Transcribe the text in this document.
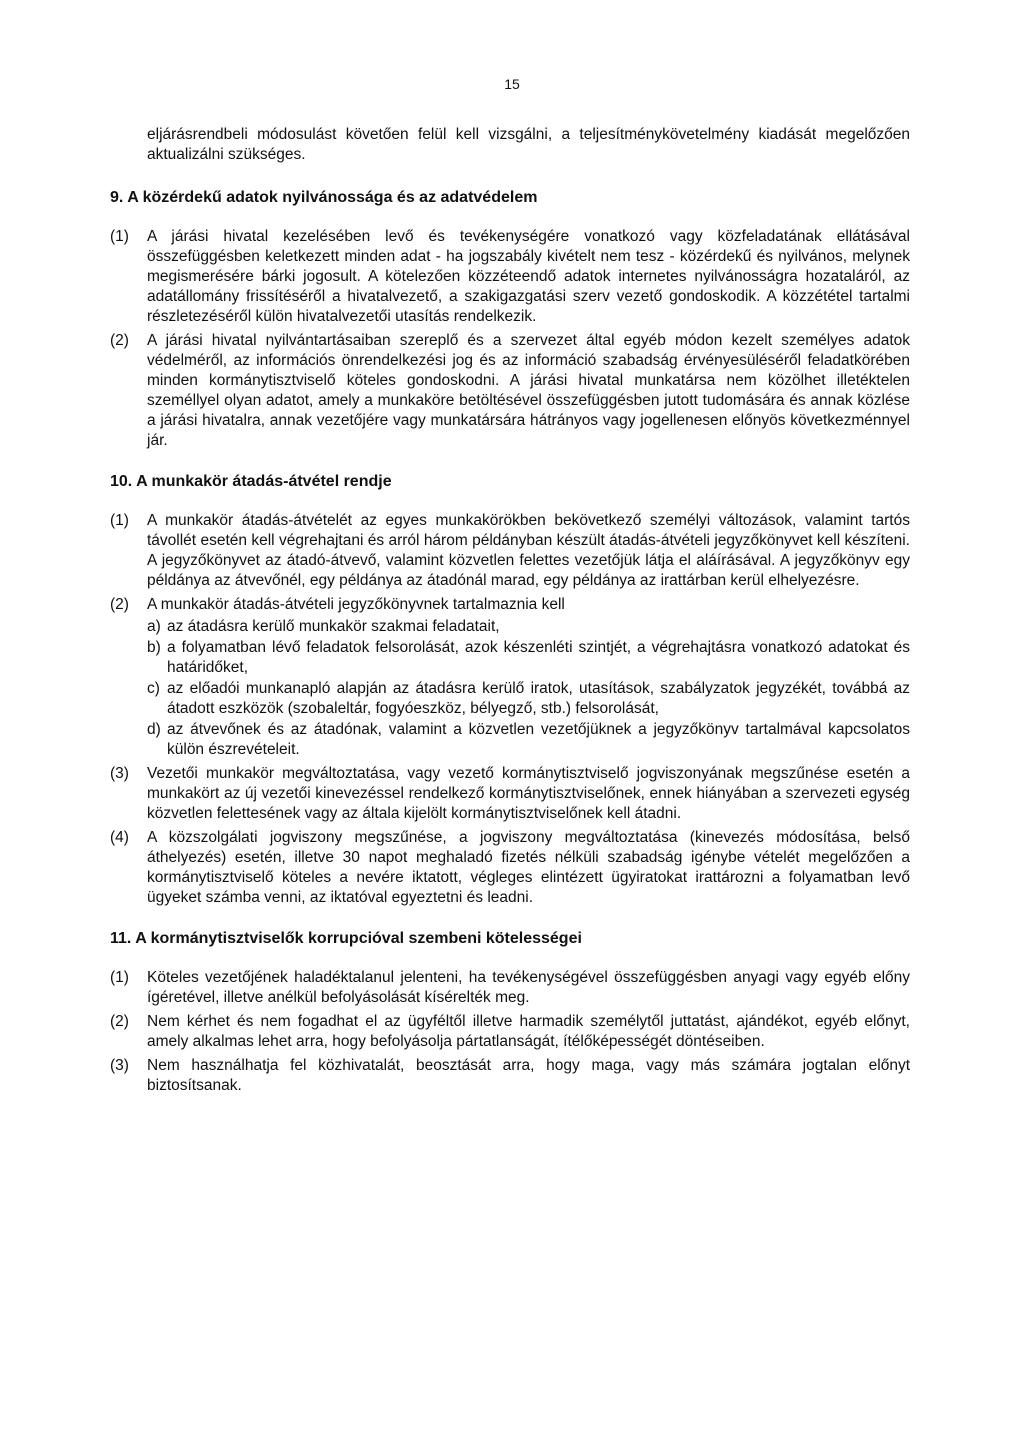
15

eljárásrendbeli módosulást követően felül kell vizsgálni, a teljesítménykövetelmény kiadását megelőzően aktualizálni szükséges.

9. A közérdekű adatok nyilvánossága és az adatvédelem
(1) A járási hivatal kezelésében levő és tevékenységére vonatkozó vagy közfeladatának ellátásával összefüggésben keletkezett minden adat - ha jogszabály kivételt nem tesz - közérdekű és nyilvános, melynek megismerésére bárki jogosult. A kötelezően közzéteendő adatok internetes nyilvánosságra hozataláról, az adatállomány frissítéséről a hivatalvezető, a szakigazgatási szerv vezető gondoskodik. A közzététel tartalmi részletezéséről külön hivatalvezetői utasítás rendelkezik.

(2) A járási hivatal nyilvántartásaiban szereplő és a szervezet által egyéb módon kezelt személyes adatok védelméről, az információs önrendelkezési jog és az információ szabadság érvényesüléséről feladatkörében minden kormánytisztviselő köteles gondoskodni. A járási hivatal munkatársa nem közölhet illetéktelen személlyel olyan adatot, amely a munkaköre betöltésével összefüggésben jutott tudomására és annak közlése a járási hivatalra, annak vezetőjére vagy munkatársára hátrányos vagy jogellenesen előnyös következménnyel jár.

10. A munkakör átadás-átvétel rendje
(1) A munkakör átadás-átvételét az egyes munkakörökben bekövetkező személyi változások, valamint tartós távollét esetén kell végrehajtani és arról három példányban készült átadás-átvételi jegyzőkönyvet kell készíteni. A jegyzőkönyvet az átadó-átvevő, valamint közvetlen felettes vezetőjük látja el aláírásával. A jegyzőkönyv egy példánya az átvevőnél, egy példánya az átadónál marad, egy példánya az irattárban kerül elhelyezésre.

(2) A munkakör átadás-átvételi jegyzőkönyvnek tartalmaznia kell

a) az átadásra kerülő munkakör szakmai feladatait,

b) a folyamatban lévő feladatok felsorolását, azok készenléti szintjét, a végrehajtásra vonatkozó adatokat és határidőket,

c) az előadói munkanapló alapján az átadásra kerülő iratok, utasítások, szabályzatok jegyzékét, továbbá az átadott eszközök (szobaleltár, fogyóeszköz, bélyegző, stb.) felsorolását,

d) az átvevőnek és az átadónak, valamint a közvetlen vezetőjüknek a jegyzőkönyv tartalmával kapcsolatos külön észrevételeit.

(3) Vezetői munkakör megváltoztatása, vagy vezető kormánytisztviselő jogviszonyának megszűnése esetén a munkakört az új vezetői kinevezéssel rendelkező kormánytisztviselőnek, ennek hiányában a szervezeti egység közvetlen felettesének vagy az általa kijelölt kormánytisztviselőnek kell átadni.

(4) A közszolgálati jogviszony megszűnése, a jogviszony megváltoztatása (kinevezés módosítása, belső áthelyezés) esetén, illetve 30 napot meghaladó fizetés nélküli szabadság igénybe vételét megelőzően a kormánytisztviselő köteles a nevére iktatott, végleges elintézett ügyiratokat irattározni a folyamatban levő ügyeket számba venni, az iktatóval egyeztetni és leadni.

11. A kormánytisztviselők korrupcióval szembeni kötelességei
(1) Köteles vezetőjének haladéktalanul jelenteni, ha tevékenységével összefüggésben anyagi vagy egyéb előny ígéretével, illetve anélkül befolyásolását kísérelték meg.

(2) Nem kérhet és nem fogadhat el az ügyféltől illetve harmadik személytől juttatást, ajándékot, egyéb előnyt, amely alkalmas lehet arra, hogy befolyásolja pártatlanságát, ítélőképességét döntéseiben.

(3) Nem használhatja fel közhivatalát, beosztását arra, hogy maga, vagy más számára jogtalan előnyt biztosítsanak.
